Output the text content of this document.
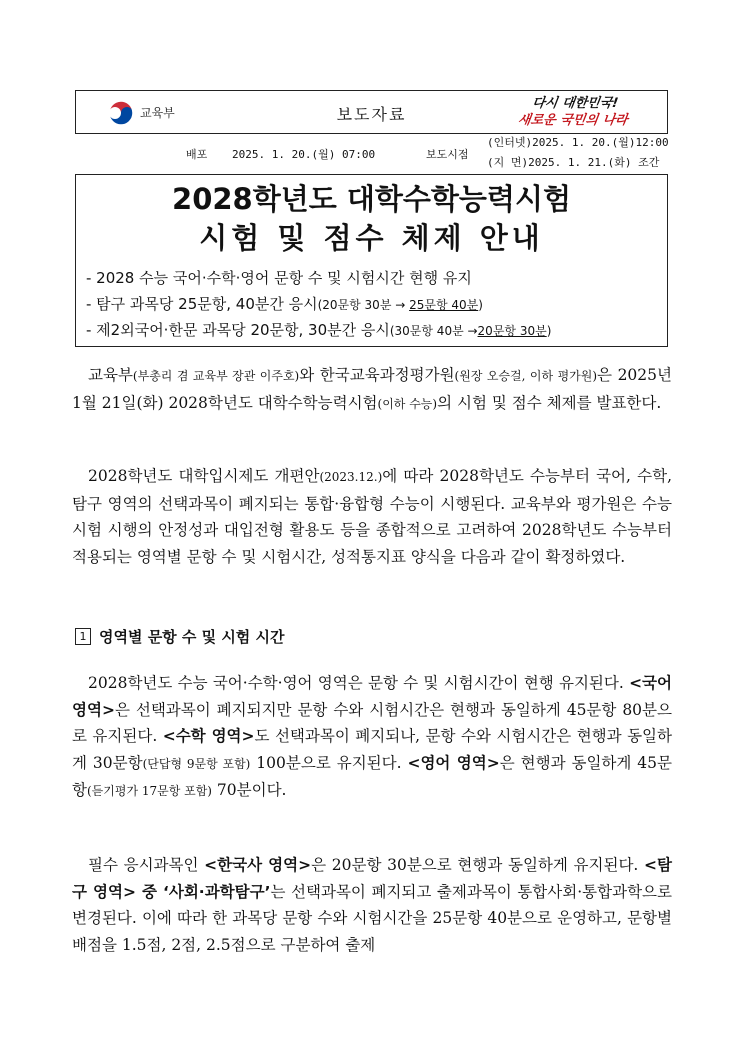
교육부	보도자료
다시 대한민국!
새로운 국민의 나라
배포 2025. 1. 20.(월) 07:00	보도시점
(인터넷)2025. 1. 20.(월)12:00
(지 면)2025. 1. 21.(화) 조간
2028학년도 대학수학능력시험
시험 및 점수 체제 안내
- 2028 수능 국어·수학·영어 문항 수 및 시험시간 현행 유지
- 탐구 과목당 25문항, 40분간 응시(20문항 30분 → 25문항 40분)
- 제2외국어·한문 과목당 20문항, 30분간 응시(30문항 40분 →20문항 30분)
교육부(부총리 겸 교육부 장관 이주호)와 한국교육과정평가원(원장 오승걸, 이하 평가원)은 2025년 1월 21일(화) 2028학년도 대학수학능력시험(이하 수능)의 시험 및 점수 체제를 발표한다.
2028학년도 대학입시제도 개편안(2023.12.)에 따라 2028학년도 수능부터 국어, 수학, 탐구 영역의 선택과목이 폐지되는 통합·융합형 수능이 시행된다. 교육부와 평가원은 수능 시험 시행의 안정성과 대입전형 활용도 등을 종합적으로 고려하여 2028학년도 수능부터 적용되는 영역별 문항 수 및 시험시간, 성적통지표 양식을 다음과 같이 확정하였다.
1 영역별 문항 수 및 시험 시간
2028학년도 수능 국어·수학·영어 영역은 문항 수 및 시험시간이 현행 유지된다. <국어 영역>은 선택과목이 폐지되지만 문항 수와 시험시간은 현행과 동일하게 45문항 80분으로 유지된다. <수학 영역>도 선택과목이 폐지되나, 문항 수와 시험시간은 현행과 동일하게 30문항(단답형 9문항 포함) 100분으로 유지된다. <영어 영역>은 현행과 동일하게 45문항(듣기평가 17문항 포함) 70분이다.
필수 응시과목인 <한국사 영역>은 20문항 30분으로 현행과 동일하게 유지된다. <탐구 영역> 중 ‘사회·과학탐구’는 선택과목이 폐지되고 출제과목이 통합사회·통합과학으로 변경된다. 이에 따라 한 과목당 문항 수와 시험시간을 25문항 40분으로 운영하고, 문항별 배점을 1.5점, 2점, 2.5점으로 구분하여 출제
